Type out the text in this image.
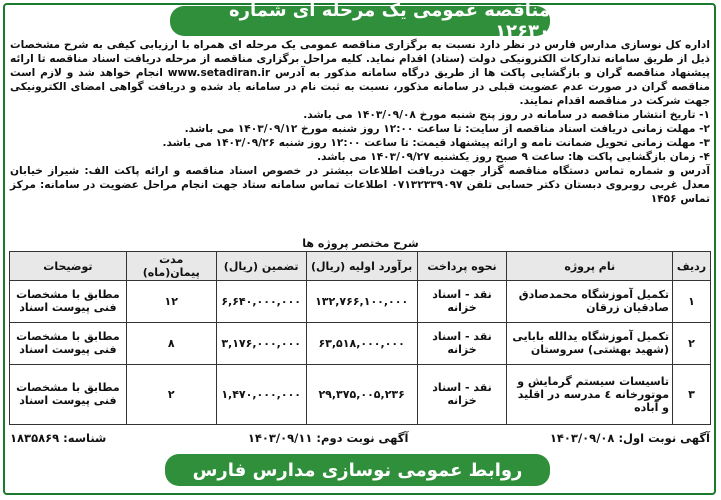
مناقصه عمومی یک مرحله ای شماره ۱۲۶۳۰

اداره کل نوسازی مدارس فارس در نظر دارد نسبت به برگزاری مناقصه عمومی یک مرحله ای همراه با ارزیابی کیفی به شرح مشخصات ذیل از طریق سامانه تدارکات الکترونیکی دولت (ستاد) اقدام نماید. کلیه مراحل برگزاری مناقصه از مرحله دریافت اسناد مناقصه تا ارائه پیشنهاد مناقصه گران و بازگشایی پاکت ها از طریق درگاه سامانه مذکور به آدرس www.setadiran.ir انجام خواهد شد و لازم است مناقصه گران در صورت عدم عضویت قبلی در سامانه مذکور، نسبت به ثبت نام در سامانه یاد شده و دریافت گواهی امضای الکترونیکی جهت شرکت در مناقصه اقدام نمایند.

۱- تاریخ انتشار مناقصه در سامانه در روز پنج شنبه مورخ ۱۴۰۳/۰۹/۰۸ می باشد.

۲- مهلت زمانی دریافت اسناد مناقصه از سایت: تا ساعت ۱۲:۰۰ روز شنبه مورخ ۱۴۰۳/۰۹/۱۲ می باشد.

۳- مهلت زمانی تحویل ضمانت نامه و ارائه پیشنهاد قیمت: تا ساعت ۱۲:۰۰ روز شنبه ۱۴۰۳/۰۹/۲۶ می باشد.

۴- زمان بازگشایی پاکت ها: ساعت ۹ صبح روز یکشنبه ۱۴۰۳/۰۹/۲۷ می باشد.

آدرس و شماره تماس دستگاه مناقصه گزار جهت دریافت اطلاعات بیشتر در خصوص اسناد مناقصه و ارائه پاکت الف: شیراز خیابان معدل غربی روبروی دبستان دکتر حسابی تلفن ۰۷۱۳۲۳۳۹۰۹۷ اطلاعات تماس سامانه ستاد جهت انجام مراحل عضویت در سامانه: مرکز تماس ۱۴۵۶

شرح مختصر پروژه ها
ردیف	نام پروژه	نحوه پرداخت	برآورد اولیه (ریال)	تضمین (ریال)	مدت پیمان(ماه)	توضیحات
۱	تکمیل آموزشگاه محمدصادق صادقیان زرقان	نقد - اسناد خزانه	۱۳۲,۷۶۶,۱۰۰,۰۰۰	۶,۶۴۰,۰۰۰,۰۰۰	۱۲	مطابق با مشخصات فنی پیوست اسناد
۲	تکمیل آموزشگاه یدالله بابایی (شهید بهشتی) سروستان	نقد - اسناد خزانه	۶۳,۵۱۸,۰۰۰,۰۰۰	۳,۱۷۶,۰۰۰,۰۰۰	۸	مطابق با مشخصات فنی پیوست اسناد
۳	تاسیسات سیستم گرمایش و موتورخانه ٤ مدرسه در اقلید و آباده	نقد - اسناد خزانه	۲۹,۳۷۵,۰۰۵,۲۳۶	۱,۴۷۰,۰۰۰,۰۰۰	۲	مطابق با مشخصات فنی پیوست اسناد
آگهی نوبت اول: ۱۴۰۳/۰۹/۰۸
آگهی نوبت دوم: ۱۴۰۳/۰۹/۱۱
شناسه: ۱۸۳۵۸۶۹
روابط عمومی نوسازی مدارس فارس
